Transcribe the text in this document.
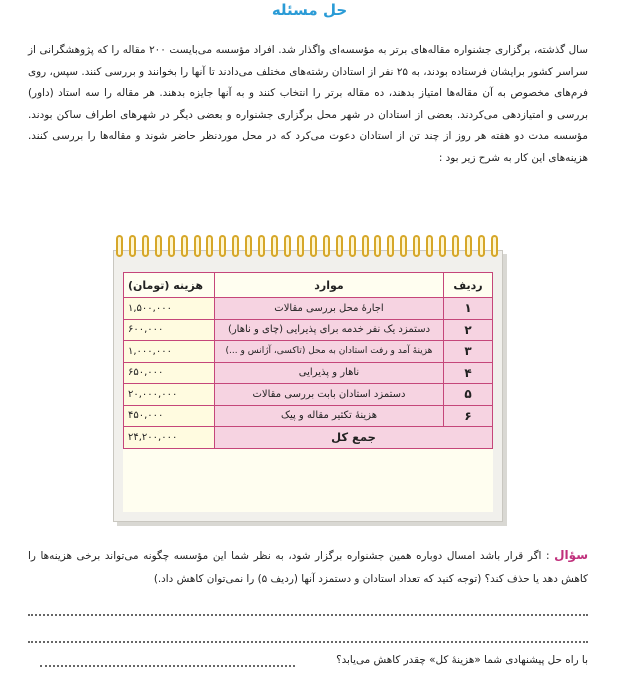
حل مسئله
سال گذشته، برگزاری جشنواره مقاله‌های برتر به مؤسسه‌ای واگذار شد. افراد مؤسسه می‌بایست ۲۰۰ مقاله را که پژوهشگرانی از سراسر کشور برایشان فرستاده بودند، به ۲۵ نفر از استادان رشته‌های مختلف می‌دادند تا آنها را بخوانند و بررسی کنند. سپس، روی فرم‌های مخصوص به آن مقاله‌ها امتیاز بدهند، ده مقاله برتر را انتخاب کنند و به آنها جایزه بدهند. هر مقاله را سه استاد (داور) بررسی و امتیازدهی می‌کردند. بعضی از استادان در شهر محل برگزاری جشنواره و بعضی دیگر در شهرهای اطراف ساکن بودند. مؤسسه مدت دو هفته هر روز از چند تن از استادان دعوت می‌کرد که در محل موردنظر حاضر شوند و مقاله‌ها را بررسی کنند. هزینه‌های این کار به شرح زیر بود :
ردیف	موارد	هزینه (تومان)
۱	اجارهٔ محل بررسی مقالات	۱,۵۰۰,۰۰۰
۲	دستمزد یک نفر خدمه برای پذیرایی (چای و ناهار)	۶۰۰,۰۰۰
۳	هزینهٔ آمد و رفت استادان به محل (تاکسی، آژانس و ...)	۱,۰۰۰,۰۰۰
۴	ناهار و پذیرایی	۶۵۰,۰۰۰
۵	دستمزد استادان بابت بررسی مقالات	۲۰,۰۰۰,۰۰۰
۶	هزینهٔ تکثیر مقاله و پیک	۴۵۰,۰۰۰
جمع کل		۲۴,۲۰۰,۰۰۰
سؤال : اگر قرار باشد امسال دوباره همین جشنواره برگزار شود، به نظر شما این مؤسسه چگونه می‌تواند برخی هزینه‌ها را کاهش دهد یا حذف کند؟ (توجه کنید که تعداد استادان و دستمزد آنها (ردیف ۵) را نمی‌توان کاهش داد.)
با راه حل پیشنهادی شما «هزینهٔ کل» چقدر کاهش می‌یابد؟
